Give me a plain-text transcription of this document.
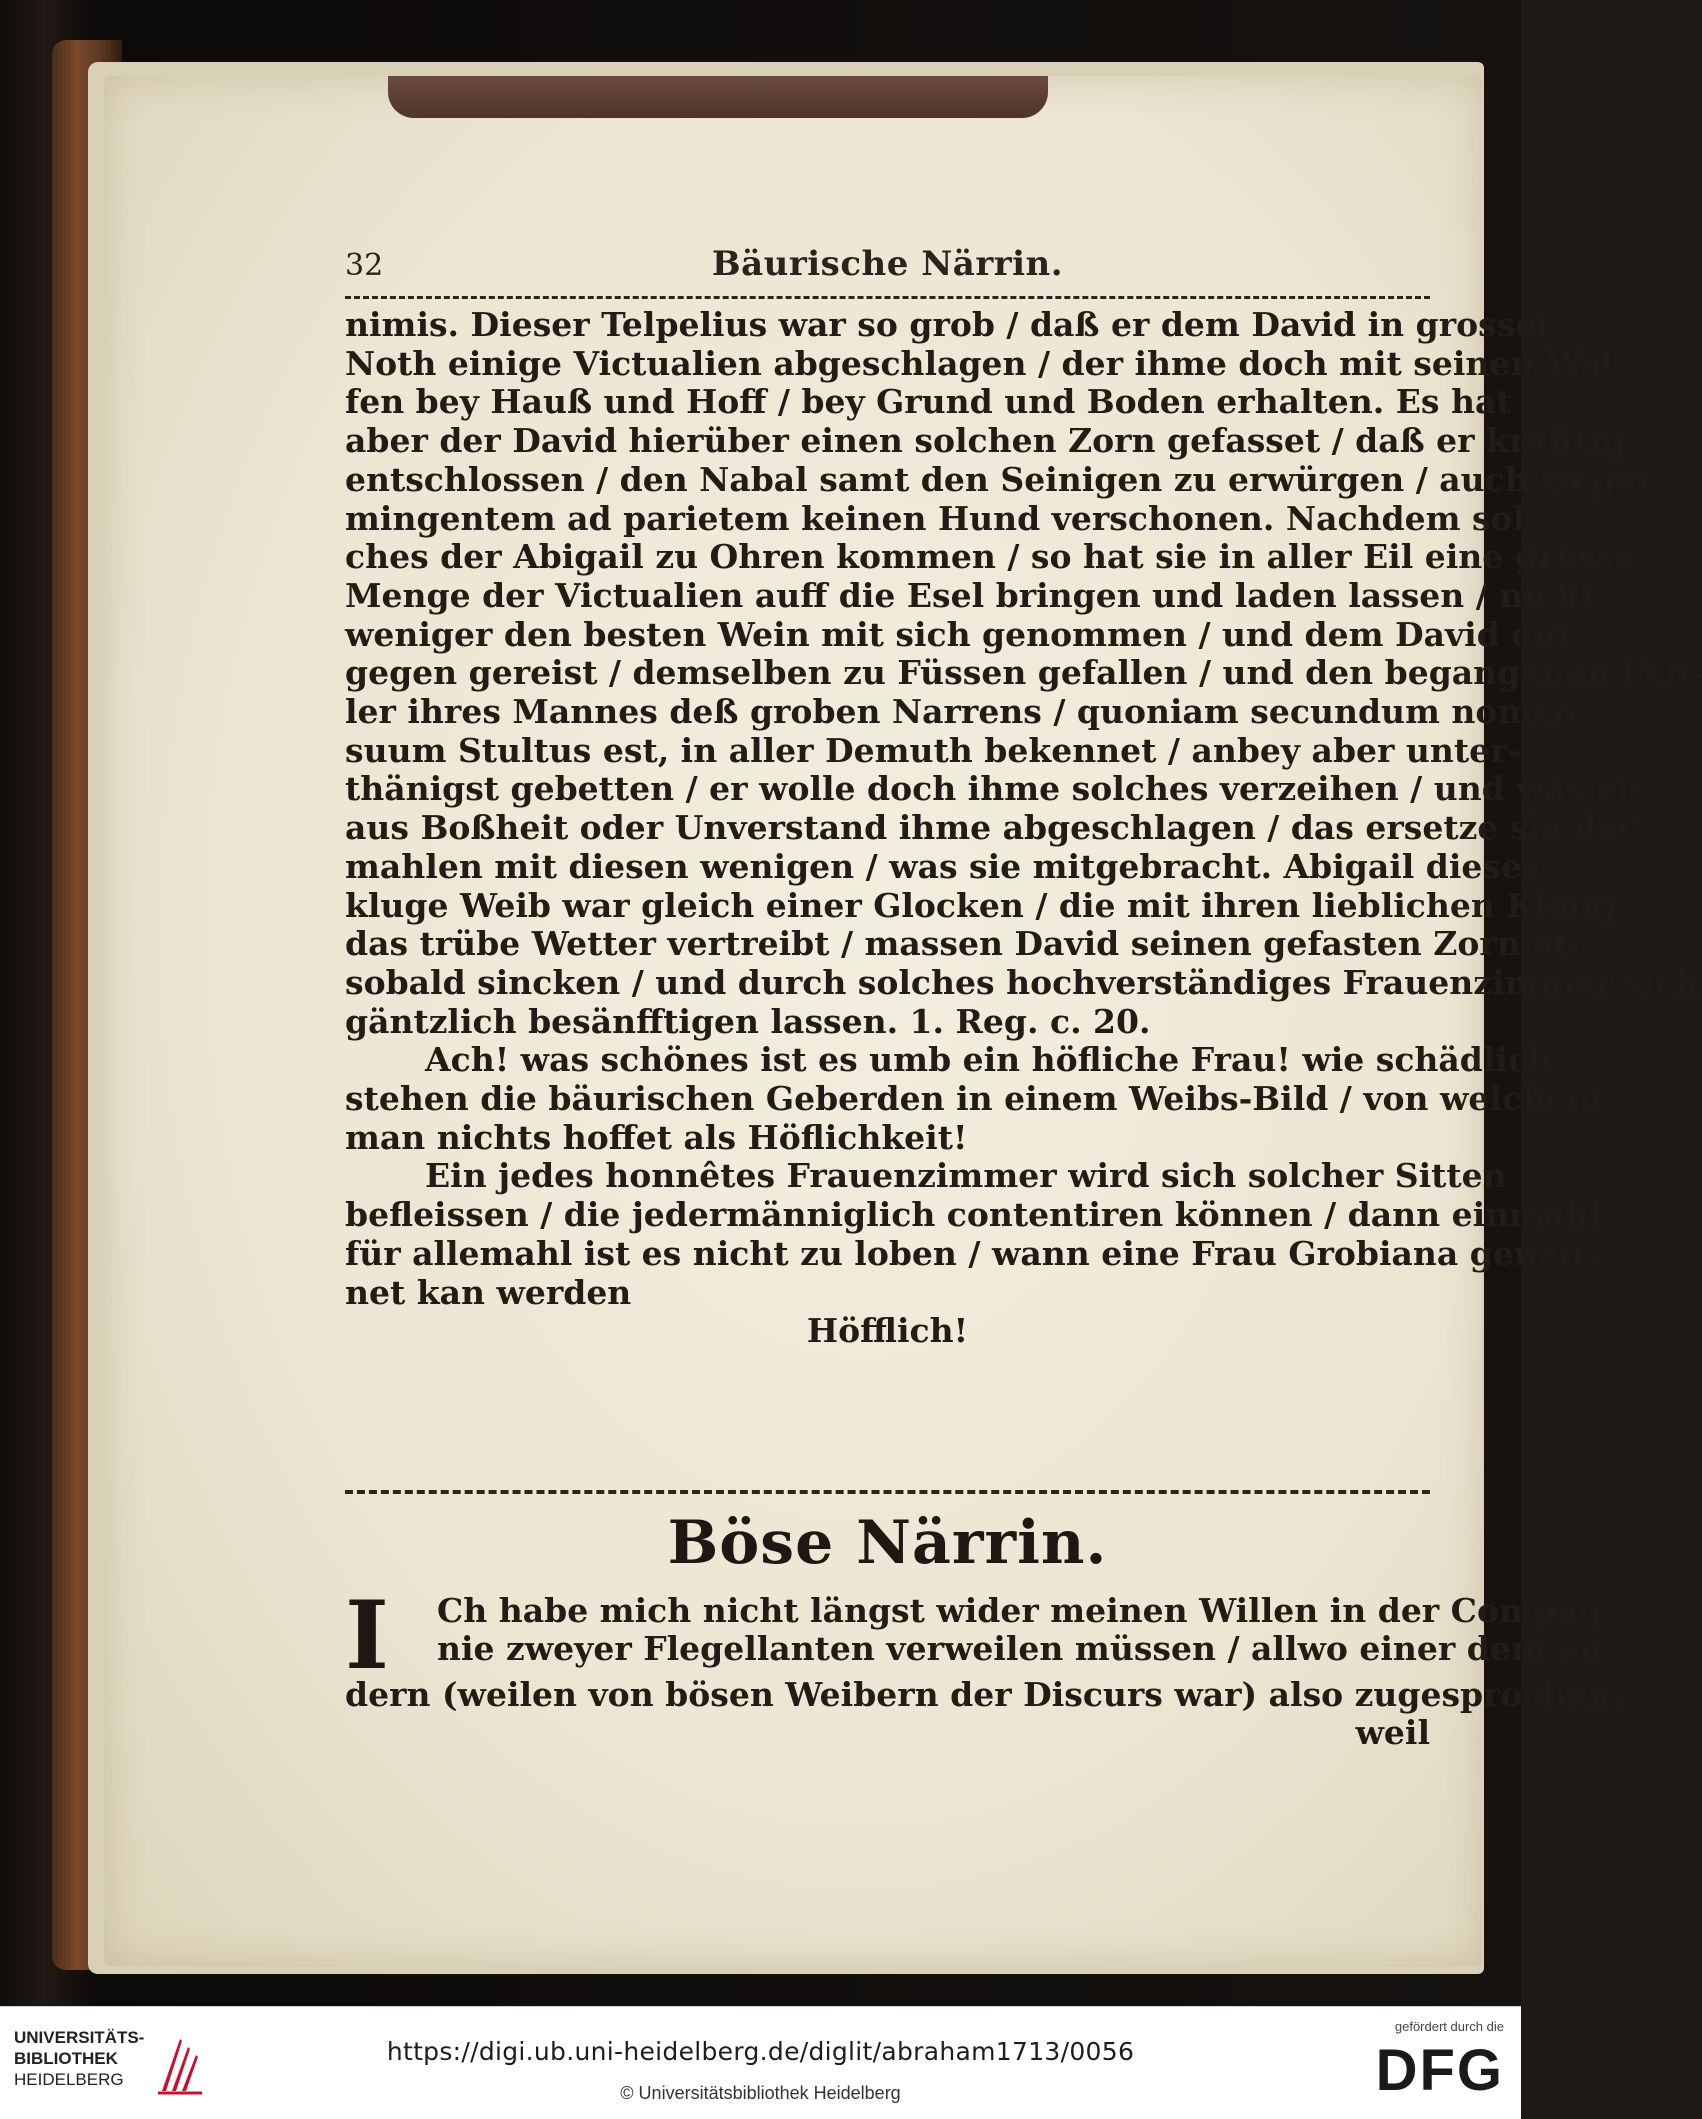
32	Bäurische Närrin.
nimis. Dieser Telpelius war so grob / daß er dem David in grosser
Noth einige Victualien abgeschlagen / der ihme doch mit seinen Waf-
fen bey Hauß und Hoff / bey Grund und Boden erhalten. Es hat
aber der David hierüber einen solchen Zorn gefasset / daß er kräfftig
entschlossen / den Nabal samt den Seinigen zu erwürgen / auch so gar
mingentem ad parietem keinen Hund verschonen. Nachdem sol-
ches der Abigail zu Ohren kommen / so hat sie in aller Eil eine grosse
Menge der Victualien auff die Esel bringen und laden lassen / nicht
weniger den besten Wein mit sich genommen / und dem David ent-
gegen gereist / demselben zu Füssen gefallen / und den begangenen Feh-
ler ihres Mannes deß groben Narrens / quoniam secundum nomen
suum Stultus est, in aller Demuth bekennet / anbey aber unter-
thänigst gebetten / er wolle doch ihme solches verzeihen / und was er
aus Boßheit oder Unverstand ihme abgeschlagen / das ersetze sie der-
mahlen mit diesen wenigen / was sie mitgebracht. Abigail dieses
kluge Weib war gleich einer Glocken / die mit ihren lieblichen Klang
das trübe Wetter vertreibt / massen David seinen gefasten Zorn al-
sobald sincken / und durch solches hochverständiges Frauenzimmer sich
gäntzlich besänfftigen lassen. 1. Reg. c. 20.
Ach! was schönes ist es umb ein höfliche Frau! wie schädlich
stehen die bäurischen Geberden in einem Weibs-Bild / von welchem
man nichts hoffet als Höflichkeit!
Ein jedes honnêtes Frauenzimmer wird sich solcher Sitten
befleissen / die jedermänniglich contentiren können / dann einmahl
für allemahl ist es nicht zu loben / wann eine Frau Grobiana genen-
net kan werden
Höfflich!
Böse Närrin.
I	Ch habe mich nicht längst wider meinen Willen in der Compag-
nie zweyer Flegellanten verweilen müssen / allwo einer dem an-
dern (weilen von bösen Weibern der Discurs war) also zugesprochen:
weil
UNIVERSITÄTS-
BIBLIOTHEK
HEIDELBERG
https://digi.ub.uni-heidelberg.de/diglit/abraham1713/0056
© Universitätsbibliothek Heidelberg
gefördert durch die
DFG
